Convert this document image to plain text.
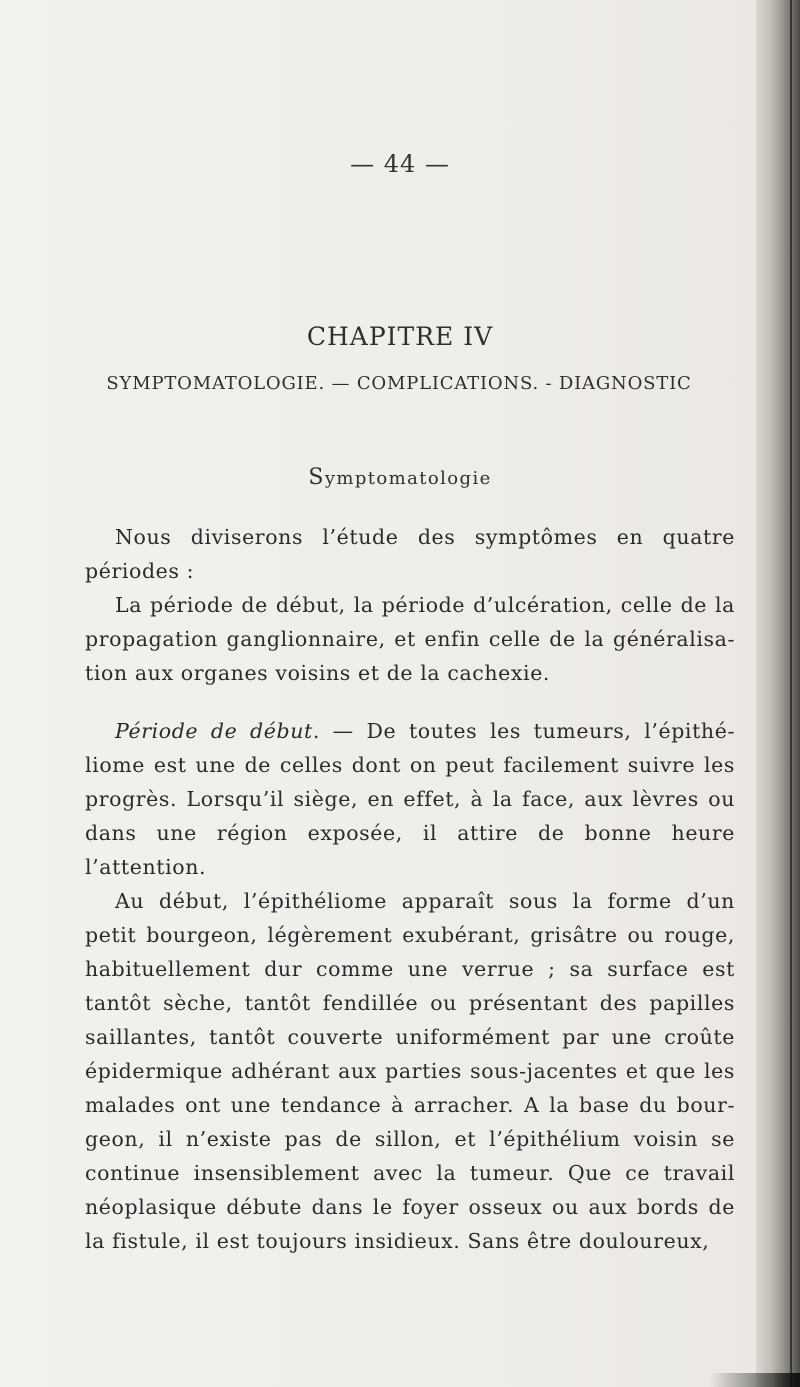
— 44 —
CHAPITRE IV
SYMPTOMATOLOGIE. — COMPLICATIONS. - DIAGNOSTIC
Symptomatologie

Nous diviserons l’étude des symptômes en quatre périodes :

La période de début, la période d’ulcération, celle de la propagation ganglionnaire, et enfin celle de la généralisa-tion aux organes voisins et de la cachexie.

Période de début. — De toutes les tumeurs, l’épithé-liome est une de celles dont on peut facilement suivre les progrès. Lorsqu’il siège, en effet, à la face, aux lèvres ou dans une région exposée, il attire de bonne heure l’attention.

Au début, l’épithéliome apparaît sous la forme d’un petit bourgeon, légèrement exubérant, grisâtre ou rouge, habituellement dur comme une verrue ; sa surface est tantôt sèche, tantôt fendillée ou présentant des papilles saillantes, tantôt couverte uniformément par une croûte épidermique adhérant aux parties sous-jacentes et que les malades ont une tendance à arracher. A la base du bour-geon, il n’existe pas de sillon, et l’épithélium voisin se continue insensiblement avec la tumeur. Que ce travail néoplasique débute dans le foyer osseux ou aux bords de la fistule, il est toujours insidieux. Sans être douloureux,
